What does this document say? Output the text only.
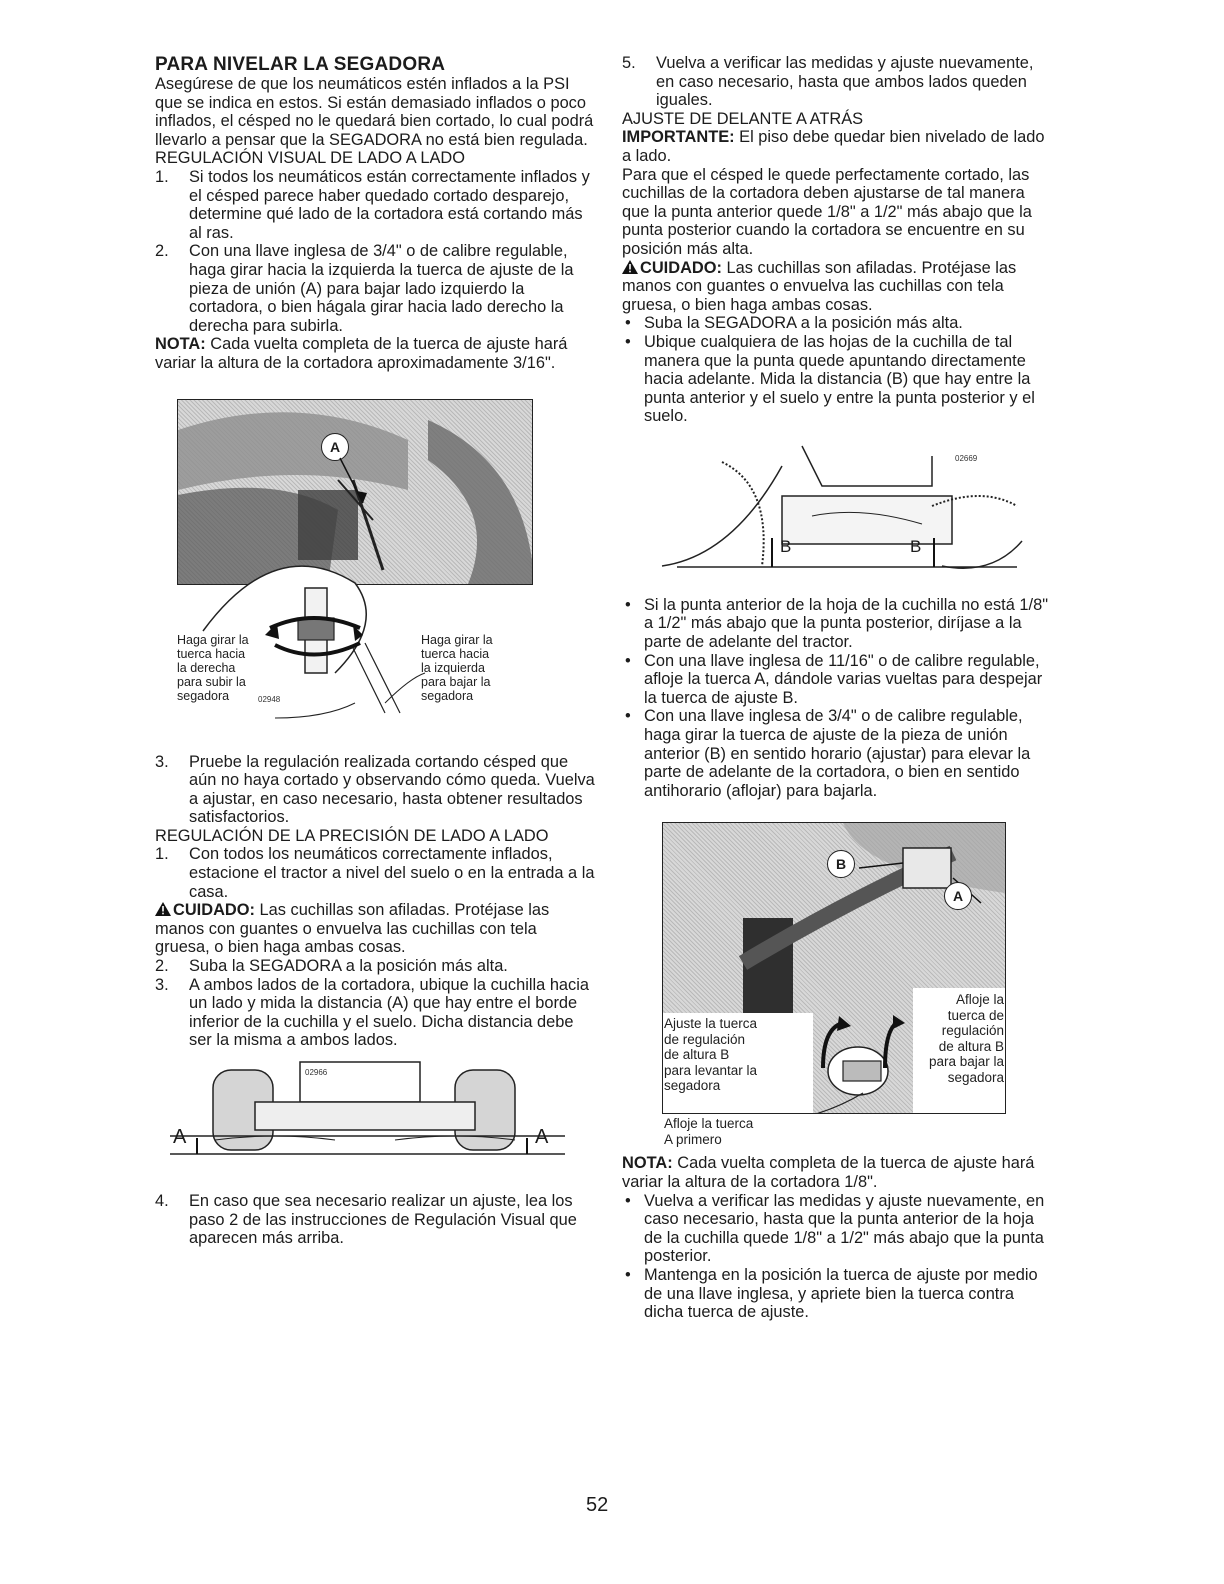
PARA NIVELAR LA SEGADORA

Asegúrese de que los neumáticos estén inflados a la PSI que se indica en estos. Si están demasiado inflados o poco inflados, el césped no le quedará bien cortado, lo cual podrá llevarlo a pensar que la SEGADORA no está bien regulada.

REGULACIÓN VISUAL DE LADO A LADO

1. Si todos los neumáticos están correctamente inflados y el césped parece haber quedado cortado desparejo, determine qué lado de la cortadora está cortando más al ras.

2. Con una llave inglesa de 3/4" o de calibre regulable, haga girar hacia la izquierda la tuerca de ajuste de la pieza de unión (A) para bajar lado izquierdo la cortadora, o bien hágala girar hacia lado derecho la derecha para subirla.

NOTA: Cada vuelta completa de la tuerca de ajuste hará variar la altura de la cortadora aproximadamente 3/16".

A
Haga girar la
tuerca hacia
la derecha
para subir la
segadora	02948
Haga girar la
tuerca hacia
la izquierda
para bajar la
segadora

3. Pruebe la regulación realizada cortando césped que aún no haya cortado y observando cómo queda. Vuelva a ajustar, en caso necesario, hasta obtener resultados satisfactorios.

REGULACIÓN DE LA PRECISIÓN DE LADO A LADO

1. Con todos los neumáticos correctamente inflados, estacione el tractor a nivel del suelo o en la entrada a la casa.

CUIDADO: Las cuchillas son afiladas. Protéjase las manos con guantes o envuelva las cuchillas con tela gruesa, o bien haga ambas cosas.

2. Suba la SEGADORA a la posición más alta.

3. A ambos lados de la cortadora, ubique la cuchilla hacia un lado y mida la distancia (A) que hay entre el borde inferior de la cuchilla y el suelo. Dicha distancia debe ser la misma a ambos lados.

02966
A	A

4. En caso que sea necesario realizar un ajuste, lea los paso 2 de las instrucciones de Regulación Visual que aparecen más arriba.

5. Vuelva a verificar las medidas y ajuste nuevamente, en caso necesario, hasta que ambos lados queden iguales.

AJUSTE DE DELANTE A ATRÁS

IMPORTANTE: El piso debe quedar bien nivelado de lado a lado.

Para que el césped le quede perfectamente cortado, las cuchillas de la cortadora deben ajustarse de tal manera que la punta anterior quede 1/8" a 1/2" más abajo que la punta posterior cuando la cortadora se encuentre en su posición más alta.

CUIDADO: Las cuchillas son afiladas. Protéjase las manos con guantes o envuelva las cuchillas con tela gruesa, o bien haga ambas cosas.

• Suba la SEGADORA a la posición más alta.

• Ubique cualquiera de las hojas de la cuchilla de tal manera que la punta quede apuntando directamente hacia adelante. Mida la distancia (B) que hay entre la punta anterior y el suelo y entre la punta posterior y el suelo.

02669
B	B

• Si la punta anterior de la hoja de la cuchilla no está 1/8" a 1/2" más abajo que la punta posterior, diríjase a la parte de adelante del tractor.

• Con una llave inglesa de 11/16" o de calibre regulable, afloje la tuerca A, dándole varias vueltas para despejar la tuerca de ajuste B.

• Con una llave inglesa de 3/4" o de calibre regulable, haga girar la tuerca de ajuste de la pieza de unión anterior (B) en sentido horario (ajustar) para elevar la parte de adelante de la cortadora, o bien en sentido antihorario (aflojar) para bajarla.

B
A
Afloje la
tuerca de
regulación
de altura B
para bajar la
segadora
Ajuste la tuerca
de regulación
de altura B
para levantar la
segadora
Afloje la tuerca
A primero

NOTA: Cada vuelta completa de la tuerca de ajuste hará variar la altura de la cortadora 1/8".

• Vuelva a verificar las medidas y ajuste nuevamente, en caso necesario, hasta que la punta anterior de la hoja de la cuchilla quede 1/8" a 1/2" más abajo que la punta posterior.

• Mantenga en la posición la tuerca de ajuste por medio de una llave inglesa, y apriete bien la tuerca contra dicha tuerca de ajuste.

52
